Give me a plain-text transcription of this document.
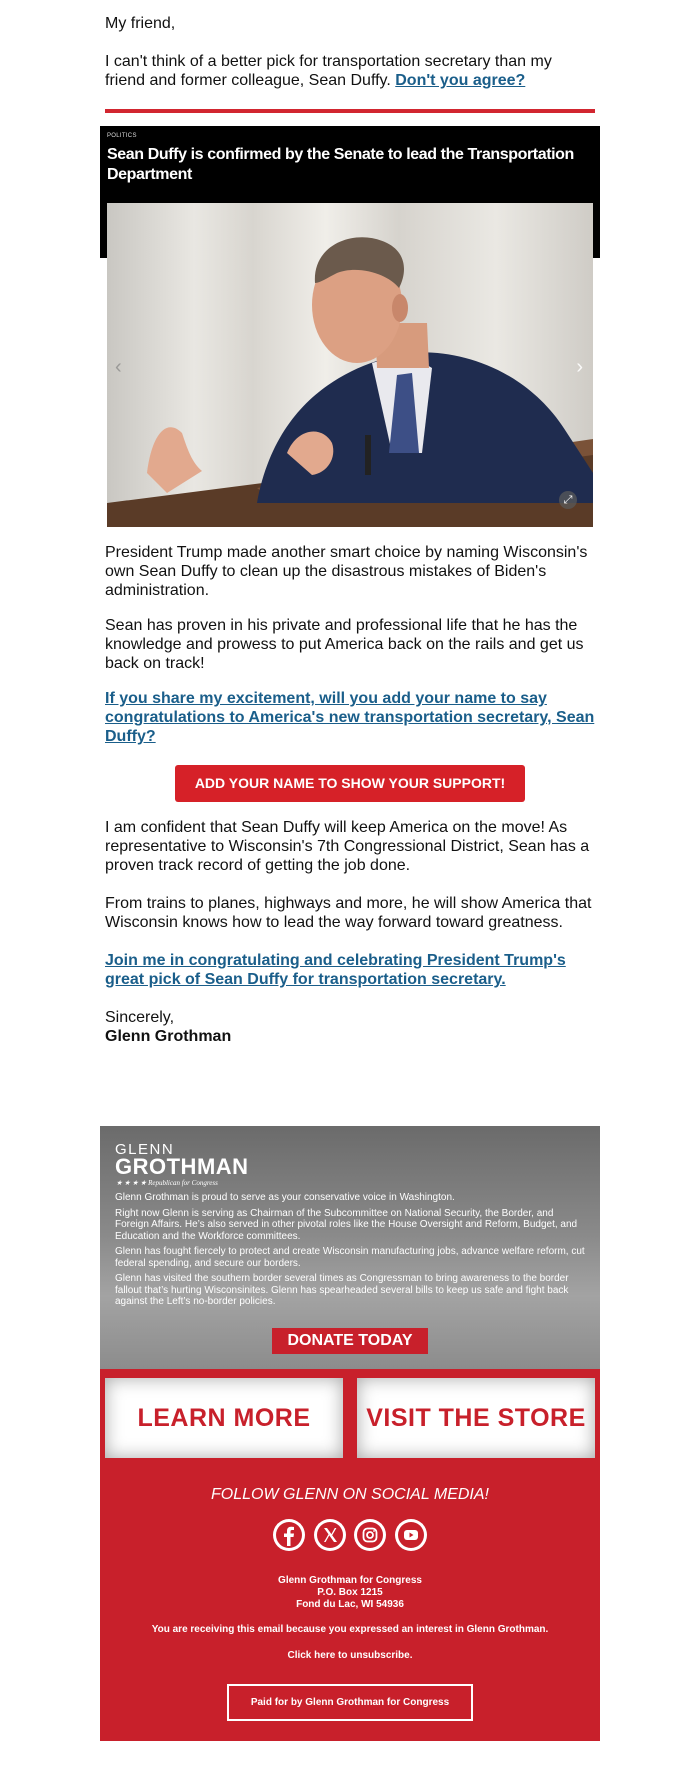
My friend,

I can't think of a better pick for transportation secretary than my friend and former colleague, Sean Duffy. Don't you agree?

POLITICS
Sean Duffy is confirmed by the Senate to lead the Transportation Department
‹	›
⤢

President Trump made another smart choice by naming Wisconsin's own Sean Duffy to clean up the disastrous mistakes of Biden's administration.

Sean has proven in his private and professional life that he has the knowledge and prowess to put America back on the rails and get us back on track!

If you share my excitement, will you add your name to say congratulations to America's new transportation secretary, Sean Duffy?

ADD YOUR NAME TO SHOW YOUR SUPPORT!

I am confident that Sean Duffy will keep America on the move! As representative to Wisconsin's 7th Congressional District, Sean has a proven track record of getting the job done.

From trains to planes, highways and more, he will show America that Wisconsin knows how to lead the way forward toward greatness.

Join me in congratulating and celebrating President Trump's great pick of Sean Duffy for transportation secretary.

Sincerely,

Glenn Grothman

GLENN
GROTHMAN
★ ★ ★ ★ Republican for Congress

Glenn Grothman is proud to serve as your conservative voice in Washington.

Right now Glenn is serving as Chairman of the Subcommittee on National Security, the Border, and Foreign Affairs. He’s also served in other pivotal roles like the House Oversight and Reform, Budget, and Education and the Workforce committees.

Glenn has fought fiercely to protect and create Wisconsin manufacturing jobs, advance welfare reform, cut federal spending, and secure our borders.

Glenn has visited the southern border several times as Congressman to bring awareness to the border fallout that’s hurting Wisconsinites. Glenn has spearheaded several bills to keep us safe and fight back against the Left’s no-border policies.

DONATE TODAY
LEARN MORE	VISIT THE STORE
FOLLOW GLENN ON SOCIAL MEDIA!

Glenn Grothman for Congress
P.O. Box 1215
Fond du Lac, WI 54936
You are receiving this email because you expressed an interest in Glenn Grothman.
Click here to unsubscribe.
Paid for by Glenn Grothman for Congress
